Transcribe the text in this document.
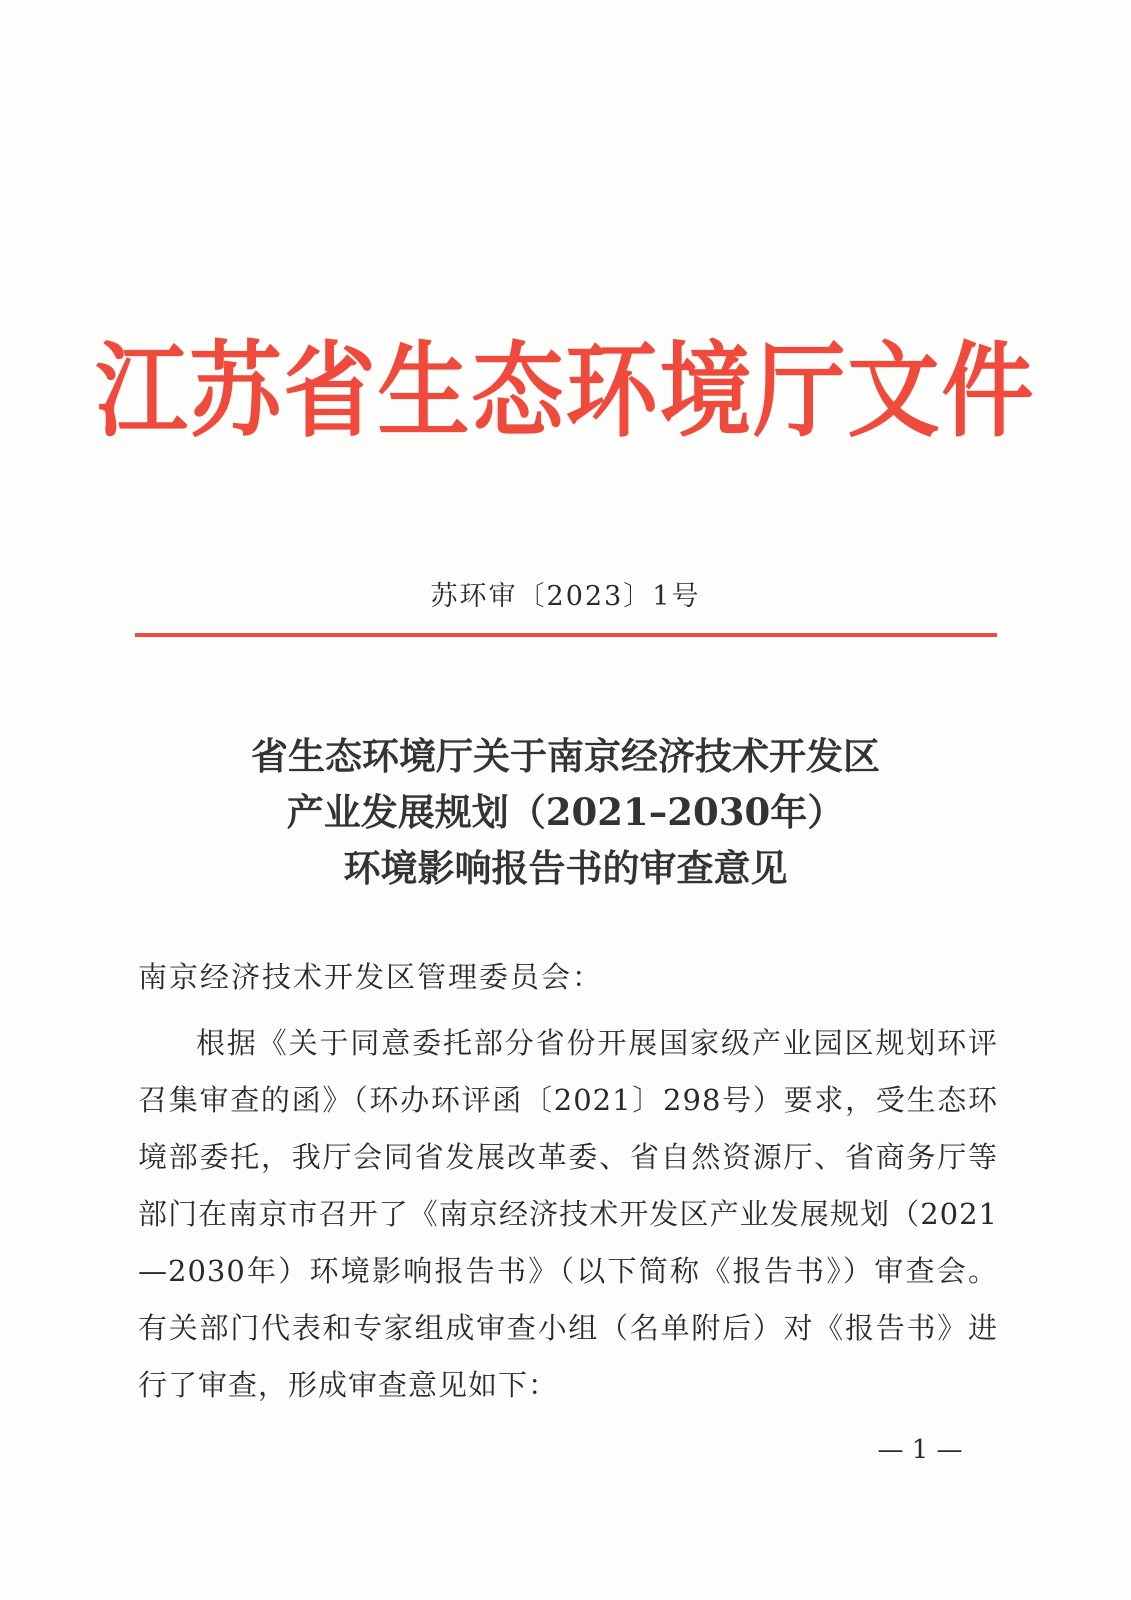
江苏省生态环境厅文件
苏环审〔2023〕1号
省生态环境厅关于南京经济技术开发区
产业发展规划（2021–2030年）
环境影响报告书的审查意见
南京经济技术开发区管理委员会：
根据《关于同意委托部分省份开展国家级产业园区规划环评
召集审查的函》（环办环评函〔2021〕298号）要求，受生态环
境部委托，我厅会同省发展改革委、省自然资源厅、省商务厅等
部门在南京市召开了《南京经济技术开发区产业发展规划（2021
—2030年）环境影响报告书》（以下简称《报告书》）审查会。
有关部门代表和专家组成审查小组（名单附后）对《报告书》进
行了审查，形成审查意见如下：
— 1 —
